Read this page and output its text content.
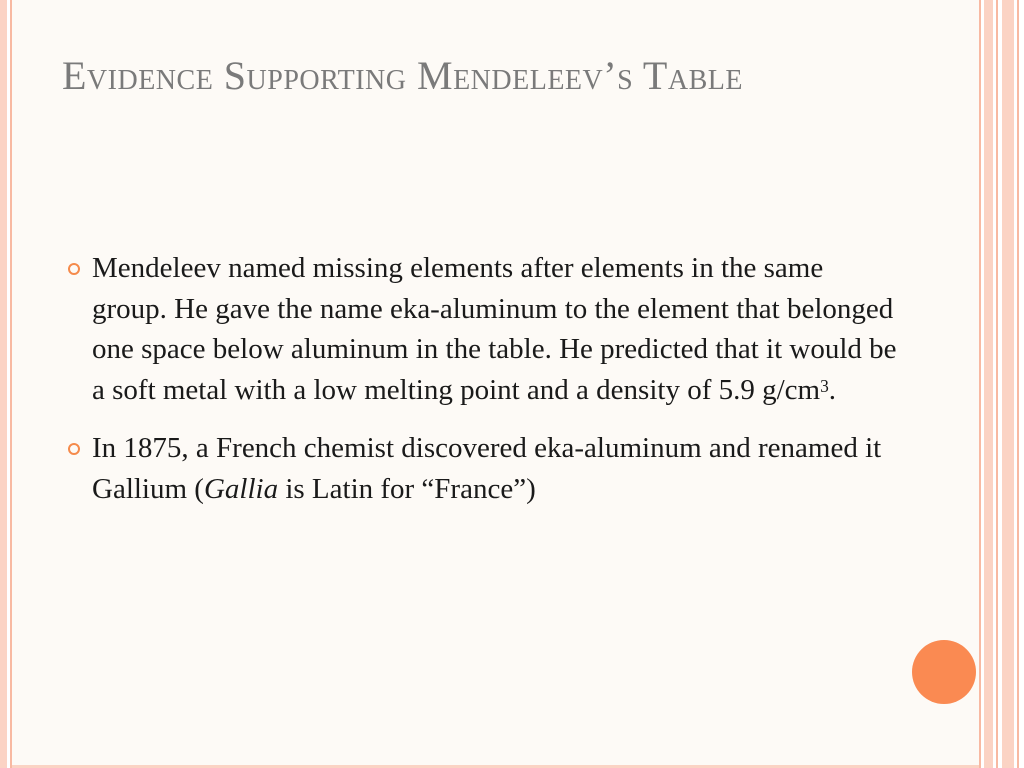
Evidence Supporting Mendeleev’s Table
Mendeleev named missing elements after elements in the same group. He gave the name eka-aluminum to the element that belonged one space below aluminum in the table. He predicted that it would be a soft metal with a low melting point and a density of 5.9 $g/cm^3$.
In 1875, a French chemist discovered eka-aluminum and renamed it Gallium (Gallia is Latin for “France”)
